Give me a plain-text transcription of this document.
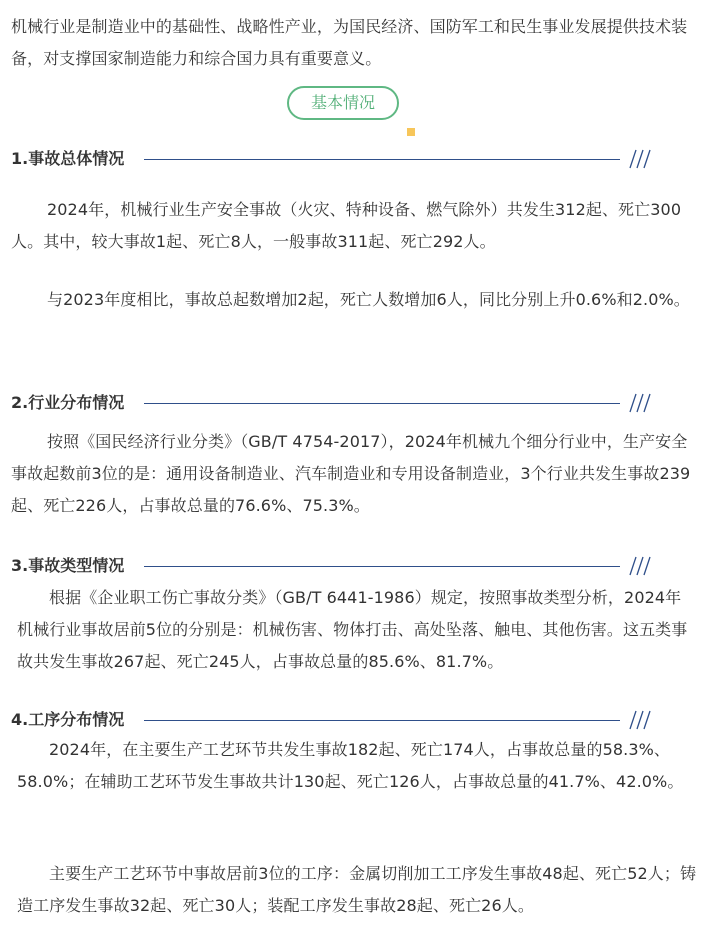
机械行业是制造业中的基础性、战略性产业，为国民经济、国防军工和民生事业发展提供技术装备，对支撑国家制造能力和综合国力具有重要意义。

基本情况
1.事故总体情况

2024年，机械行业生产安全事故（火灾、特种设备、燃气除外）共发生312起、死亡300人。其中，较大事故1起、死亡8人，一般事故311起、死亡292人。

与2023年度相比，事故总起数增加2起，死亡人数增加6人，同比分别上升0.6%和2.0%。

2.行业分布情况

按照《国民经济行业分类》（GB/T 4754-2017），2024年机械九个细分行业中，生产安全事故起数前3位的是：通用设备制造业、汽车制造业和专用设备制造业，3个行业共发生事故239起、死亡226人，占事故总量的76.6%、75.3%。

3.事故类型情况

根据《企业职工伤亡事故分类》（GB/T 6441-1986）规定，按照事故类型分析，2024年机械行业事故居前5位的分别是：机械伤害、物体打击、高处坠落、触电、其他伤害。这五类事故共发生事故267起、死亡245人，占事故总量的85.6%、81.7%。

4.工序分布情况

2024年，在主要生产工艺环节共发生事故182起、死亡174人，占事故总量的58.3%、58.0%；在辅助工艺环节发生事故共计130起、死亡126人，占事故总量的41.7%、42.0%。

主要生产工艺环节中事故居前3位的工序：金属切削加工工序发生事故48起、死亡52人；铸造工序发生事故32起、死亡30人；装配工序发生事故28起、死亡26人。
